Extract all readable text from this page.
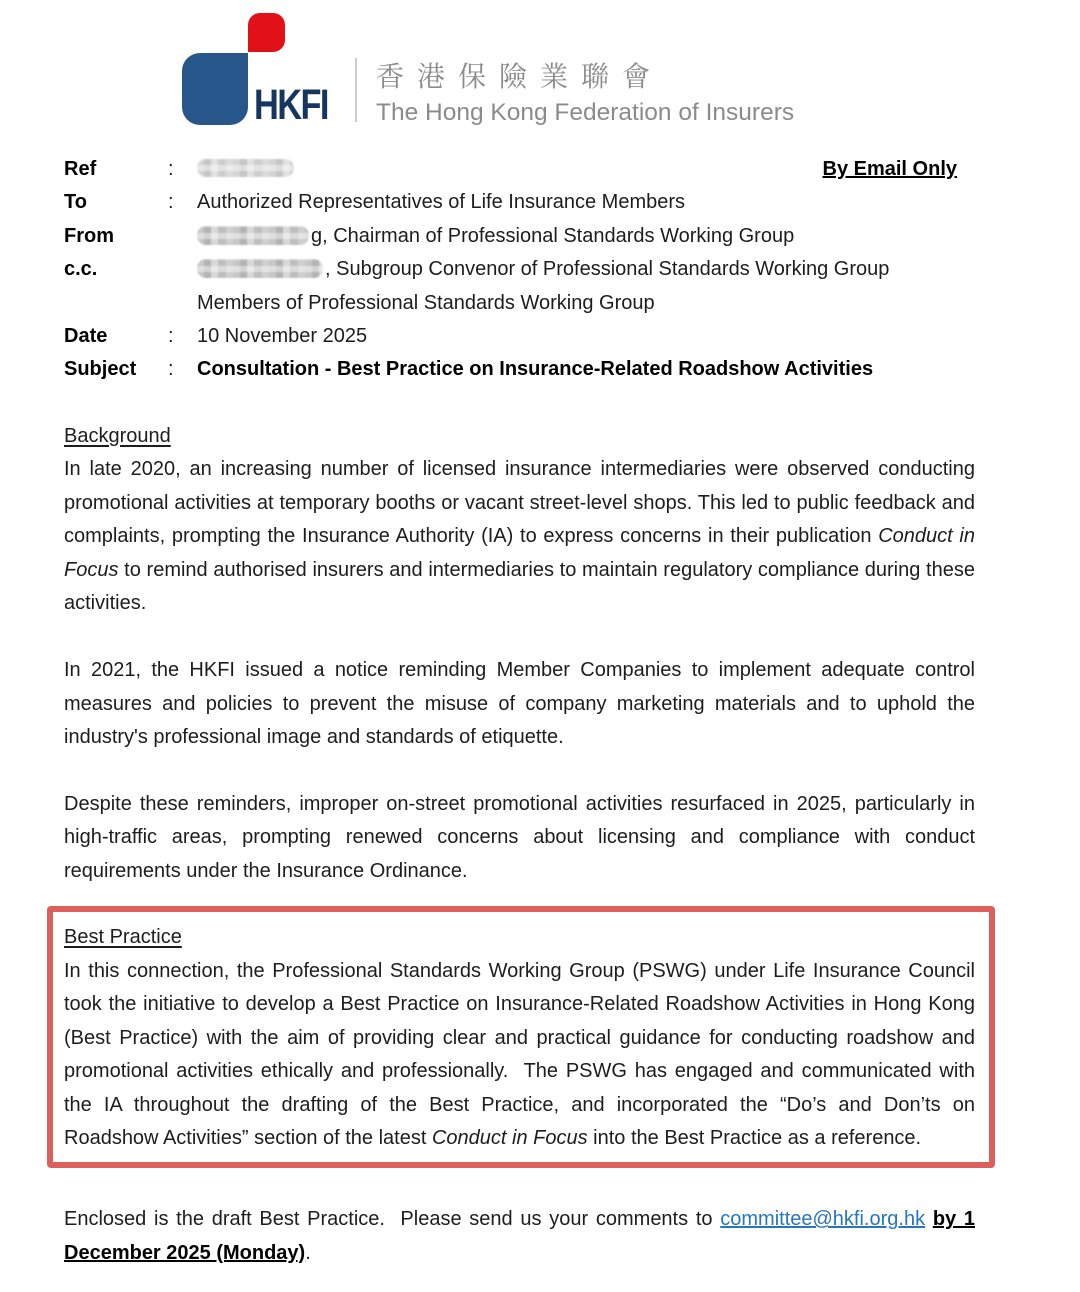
HKFI
香港保險業聯會
The Hong Kong Federation of Insurers
By Email Only
Ref	:
To	:	Authorized Representatives of Life Insurance Members
From	g, Chairman of Professional Standards Working Group
c.c.	, Subgroup Convenor of Professional Standards Working Group
Members of Professional Standards Working Group
Date	:	10 November 2025
Subject	:	Consultation - Best Practice on Insurance-Related Roadshow Activities
Background

In late 2020, an increasing number of licensed insurance intermediaries were observed conducting promotional activities at temporary booths or vacant street-level shops. This led to public feedback and complaints, prompting the Insurance Authority (IA) to express concerns in their publication Conduct in Focus to remind authorised insurers and intermediaries to maintain regulatory compliance during these activities.

In 2021, the HKFI issued a notice reminding Member Companies to implement adequate control measures and policies to prevent the misuse of company marketing materials and to uphold the industry's professional image and standards of etiquette.

Despite these reminders, improper on-street promotional activities resurfaced in 2025, particularly in high-traffic areas, prompting renewed concerns about licensing and compliance with conduct requirements under the Insurance Ordinance.

Best Practice

In this connection, the Professional Standards Working Group (PSWG) under Life Insurance Council took the initiative to develop a Best Practice on Insurance-Related Roadshow Activities in Hong Kong (Best Practice) with the aim of providing clear and practical guidance for conducting roadshow and promotional activities ethically and professionally.  The PSWG has engaged and communicated with the IA throughout the drafting of the Best Practice, and incorporated the “Do’s and Don’ts on Roadshow Activities” section of the latest Conduct in Focus into the Best Practice as a reference.

Enclosed is the draft Best Practice.  Please send us your comments to committee@hkfi.org.hk by 1 December 2025 (Monday).
